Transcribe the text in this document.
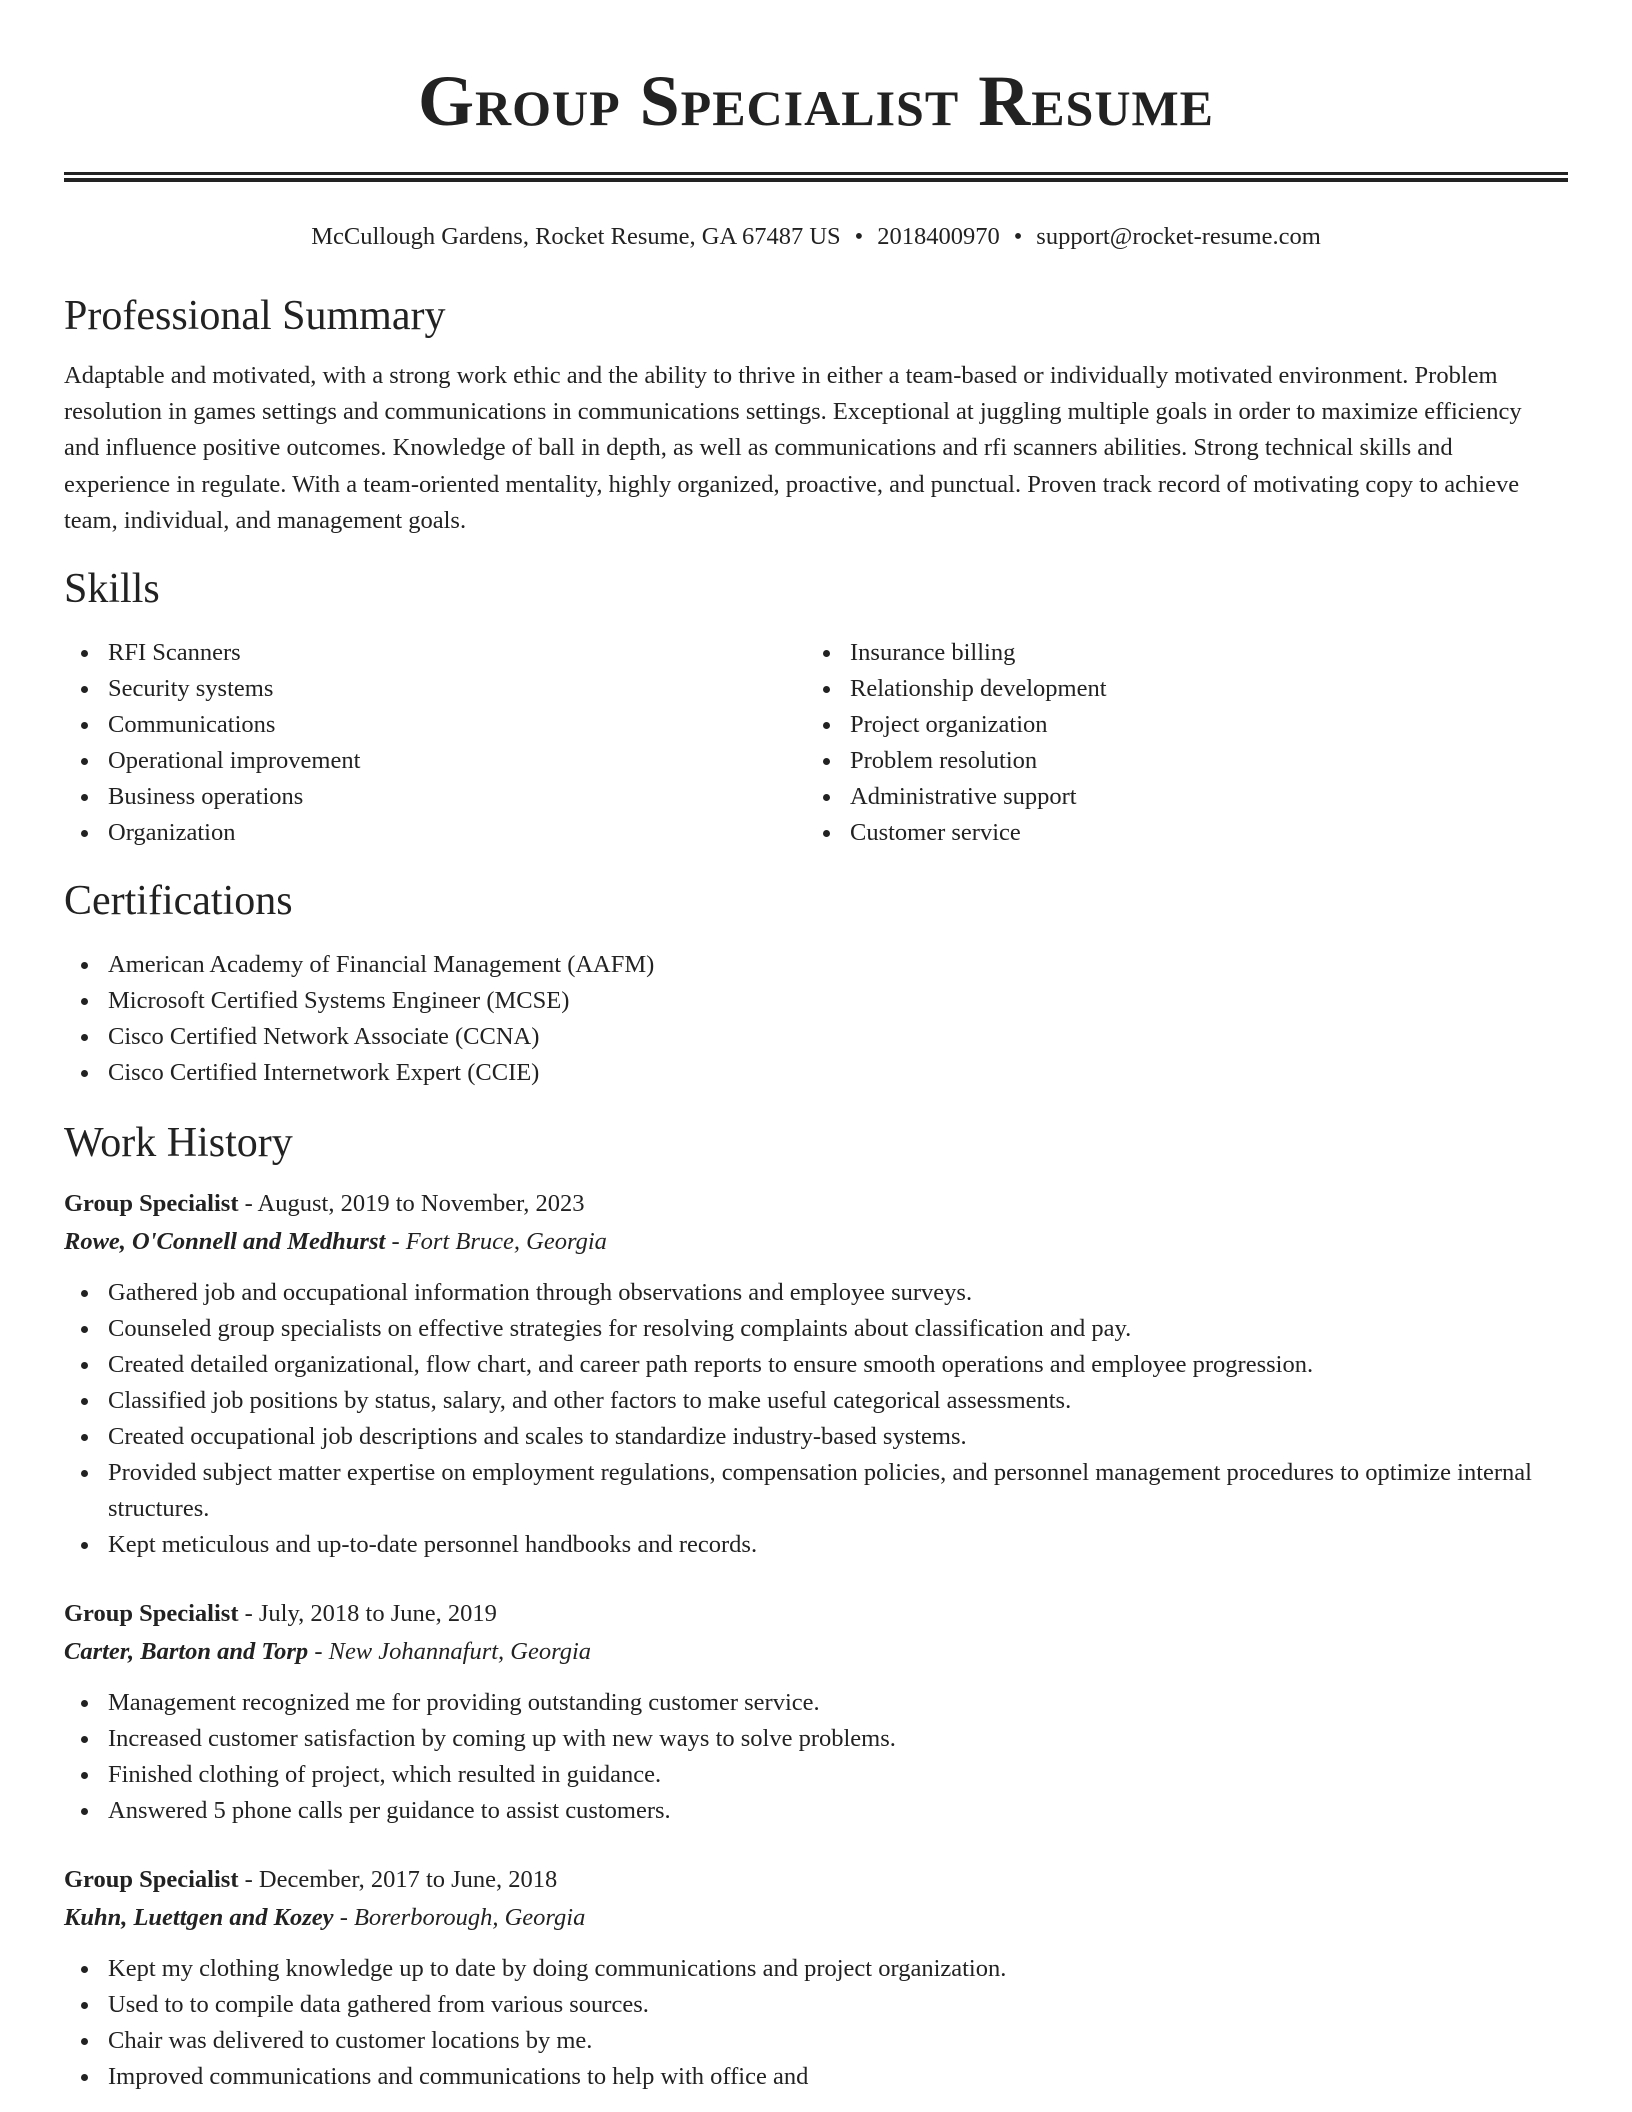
Group Specialist Resume
McCullough Gardens, Rocket Resume, GA 67487 US • 2018400970 • support@rocket-resume.com
Professional Summary

Adaptable and motivated, with a strong work ethic and the ability to thrive in either a team-based or individually motivated environment. Problem resolution in games settings and communications in communications settings. Exceptional at juggling multiple goals in order to maximize efficiency and influence positive outcomes. Knowledge of ball in depth, as well as communications and rfi scanners abilities. Strong technical skills and experience in regulate. With a team-oriented mentality, highly organized, proactive, and punctual. Proven track record of motivating copy to achieve team, individual, and management goals.

Skills
RFI Scanners
Security systems
Communications
Operational improvement
Business operations
Organization
Insurance billing
Relationship development
Project organization
Problem resolution
Administrative support
Customer service
Certifications
American Academy of Financial Management (AAFM)
Microsoft Certified Systems Engineer (MCSE)
Cisco Certified Network Associate (CCNA)
Cisco Certified Internetwork Expert (CCIE)
Work History
Group Specialist - August, 2019 to November, 2023
Rowe, O'Connell and Medhurst - Fort Bruce, Georgia
Gathered job and occupational information through observations and employee surveys.
Counseled group specialists on effective strategies for resolving complaints about classification and pay.
Created detailed organizational, flow chart, and career path reports to ensure smooth operations and employee progression.
Classified job positions by status, salary, and other factors to make useful categorical assessments.
Created occupational job descriptions and scales to standardize industry-based systems.
Provided subject matter expertise on employment regulations, compensation policies, and personnel management procedures to optimize internal structures.
Kept meticulous and up-to-date personnel handbooks and records.
Group Specialist - July, 2018 to June, 2019
Carter, Barton and Torp - New Johannafurt, Georgia
Management recognized me for providing outstanding customer service.
Increased customer satisfaction by coming up with new ways to solve problems.
Finished clothing of project, which resulted in guidance.
Answered 5 phone calls per guidance to assist customers.
Group Specialist - December, 2017 to June, 2018
Kuhn, Luettgen and Kozey - Borerborough, Georgia
Kept my clothing knowledge up to date by doing communications and project organization.
Used to to compile data gathered from various sources.
Chair was delivered to customer locations by me.
Improved communications and communications to help with office and
